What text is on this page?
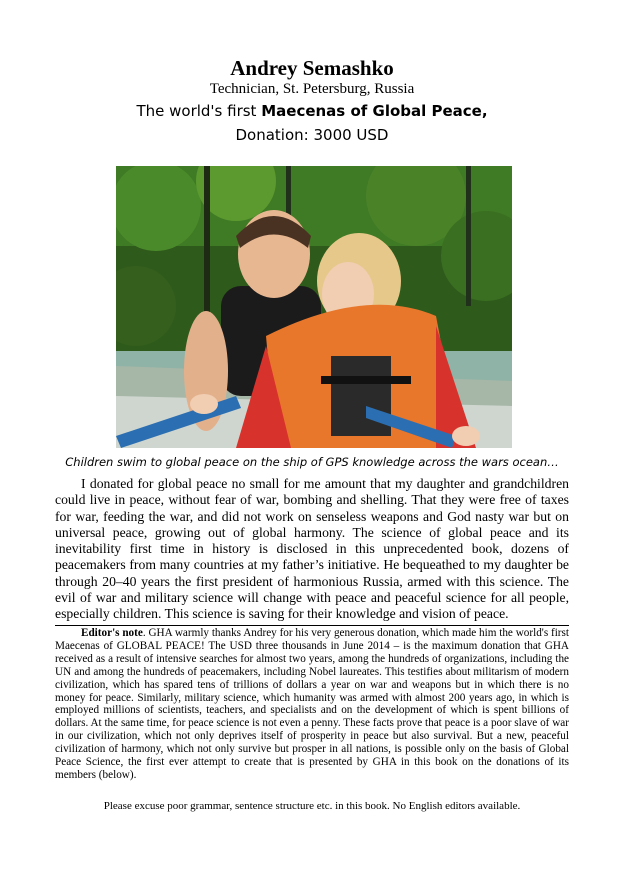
Andrey Semashko
Technician, St. Petersburg, Russia
The world's first Maecenas of Global Peace,
Donation: 3000 USD
Children swim to global peace on the ship of GPS knowledge across the wars ocean…

I donated for global peace no small for me amount that my daughter and grandchildren could live in peace, without fear of war, bombing and shelling. That they were free of taxes for war, feeding the war, and did not work on senseless weapons and God nasty war but on universal peace, growing out of global harmony. The science of global peace and its inevitability first time in history is disclosed in this unprecedented book, dozens of peacemakers from many countries at my father’s initiative. He bequeathed to my daughter be through 20–40 years the first president of harmonious Russia, armed with this science. The evil of war and military science will change with peace and peaceful science for all people, especially children. This science is saving for their knowledge and vision of peace.

Editor's note. GHA warmly thanks Andrey for his very generous donation, which made him the world's first Maecenas of GLOBAL PEACE! The USD three thousands in June 2014 – is the maximum donation that GHA received as a result of intensive searches for almost two years, among the hundreds of organizations, including the UN and among the hundreds of peacemakers, including Nobel laureates. This testifies about militarism of modern civilization, which has spared tens of trillions of dollars a year on war and weapons but in which there is no money for peace. Similarly, military science, which humanity was armed with almost 200 years ago, in which is employed millions of scientists, teachers, and specialists and on the development of which is spent billions of dollars. At the same time, for peace science is not even a penny. These facts prove that peace is a poor slave of war in our civilization, which not only deprives itself of prosperity in peace but also survival. But a new, peaceful civilization of harmony, which not only survive but prosper in all nations, is possible only on the basis of Global Peace Science, the first ever attempt to create that is presented by GHA in this book on the donations of its members (below).

Please excuse poor grammar, sentence structure etc. in this book. No English editors available.
